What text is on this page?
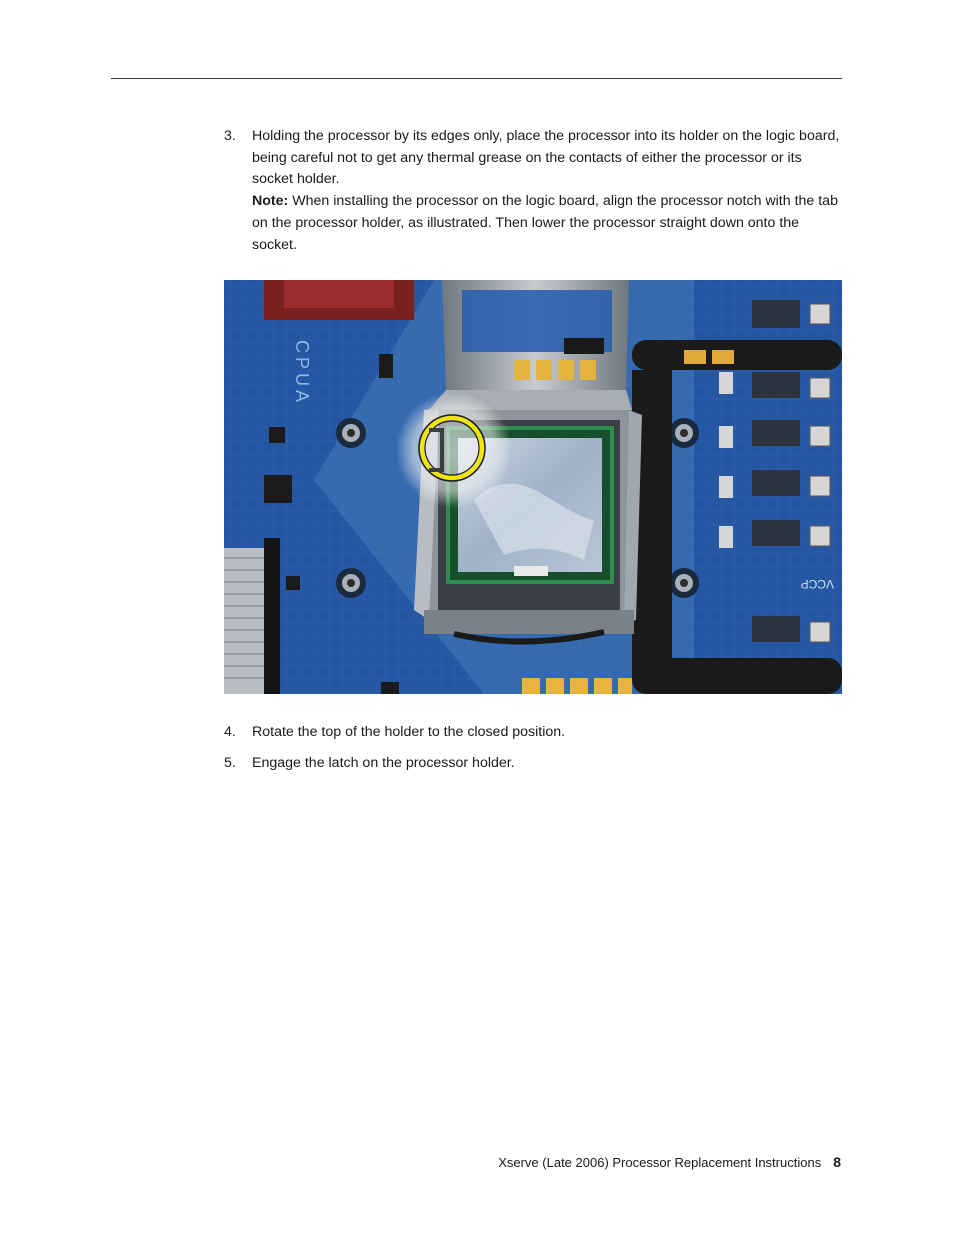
3.	Holding the processor by its edges only, place the processor into its holder on the logic board, being careful not to get any thermal grease on the contacts of either the processor or its socket holder.
Note: When installing the processor on the logic board, align the processor notch with the tab on the processor holder, as illustrated. Then lower the processor straight down onto the socket.
CPUA
VCCP
4.	Rotate the top of the holder to the closed position.
5.	Engage the latch on the processor holder.
Xserve (Late 2006) Processor Replacement Instructions 8
